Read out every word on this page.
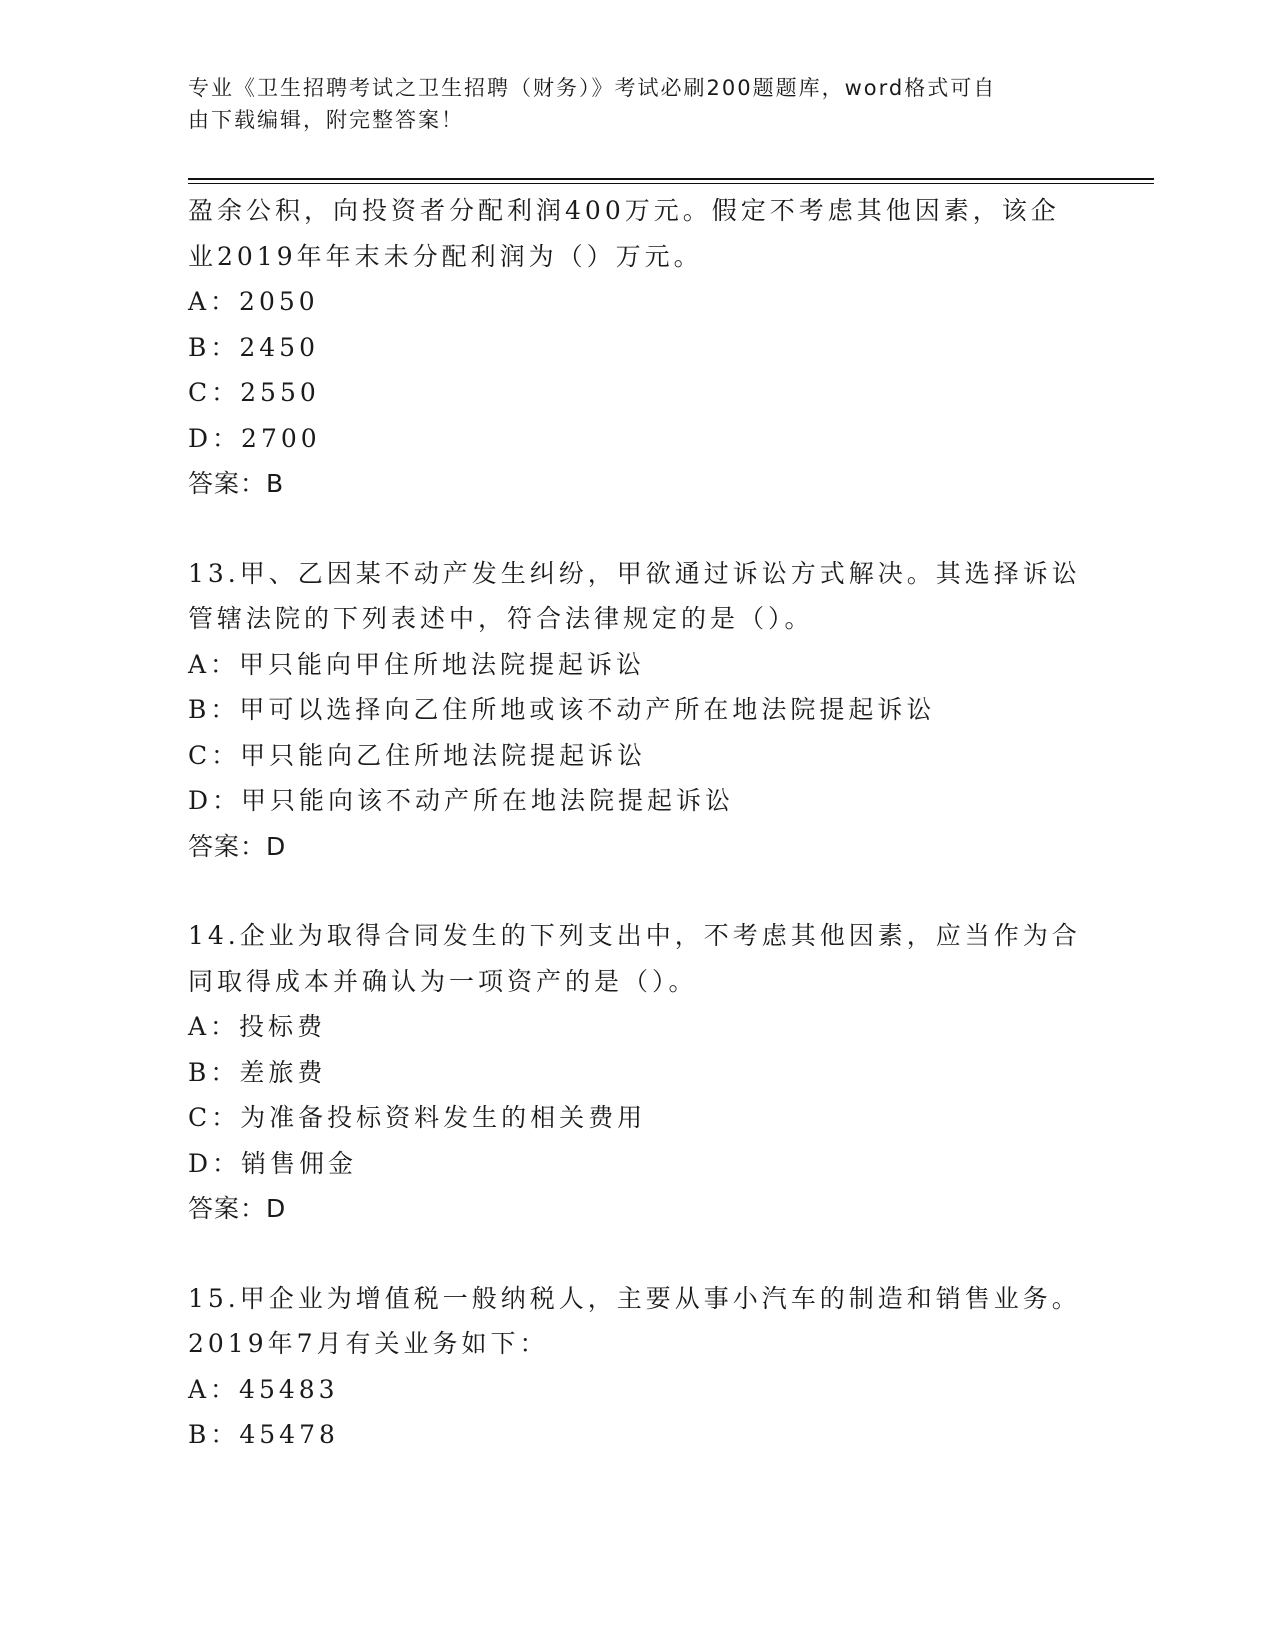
专业《卫生招聘考试之卫生招聘（财务）》考试必刷200题题库，word格式可自
由下载编辑，附完整答案！
盈余公积，向投资者分配利润400万元。假定不考虑其他因素，该企
业2019年年末未分配利润为（）万元。
A：2050
B：2450
C：2550
D：2700
答案：B
13.甲、乙因某不动产发生纠纷，甲欲通过诉讼方式解决。其选择诉讼
管辖法院的下列表述中，符合法律规定的是（）。
A：甲只能向甲住所地法院提起诉讼
B：甲可以选择向乙住所地或该不动产所在地法院提起诉讼
C：甲只能向乙住所地法院提起诉讼
D：甲只能向该不动产所在地法院提起诉讼
答案：D
14.企业为取得合同发生的下列支出中，不考虑其他因素，应当作为合
同取得成本并确认为一项资产的是（）。
A：投标费
B：差旅费
C：为准备投标资料发生的相关费用
D：销售佣金
答案：D
15.甲企业为增值税一般纳税人，主要从事小汽车的制造和销售业务。
2019年7月有关业务如下：
A：45483
B：45478
